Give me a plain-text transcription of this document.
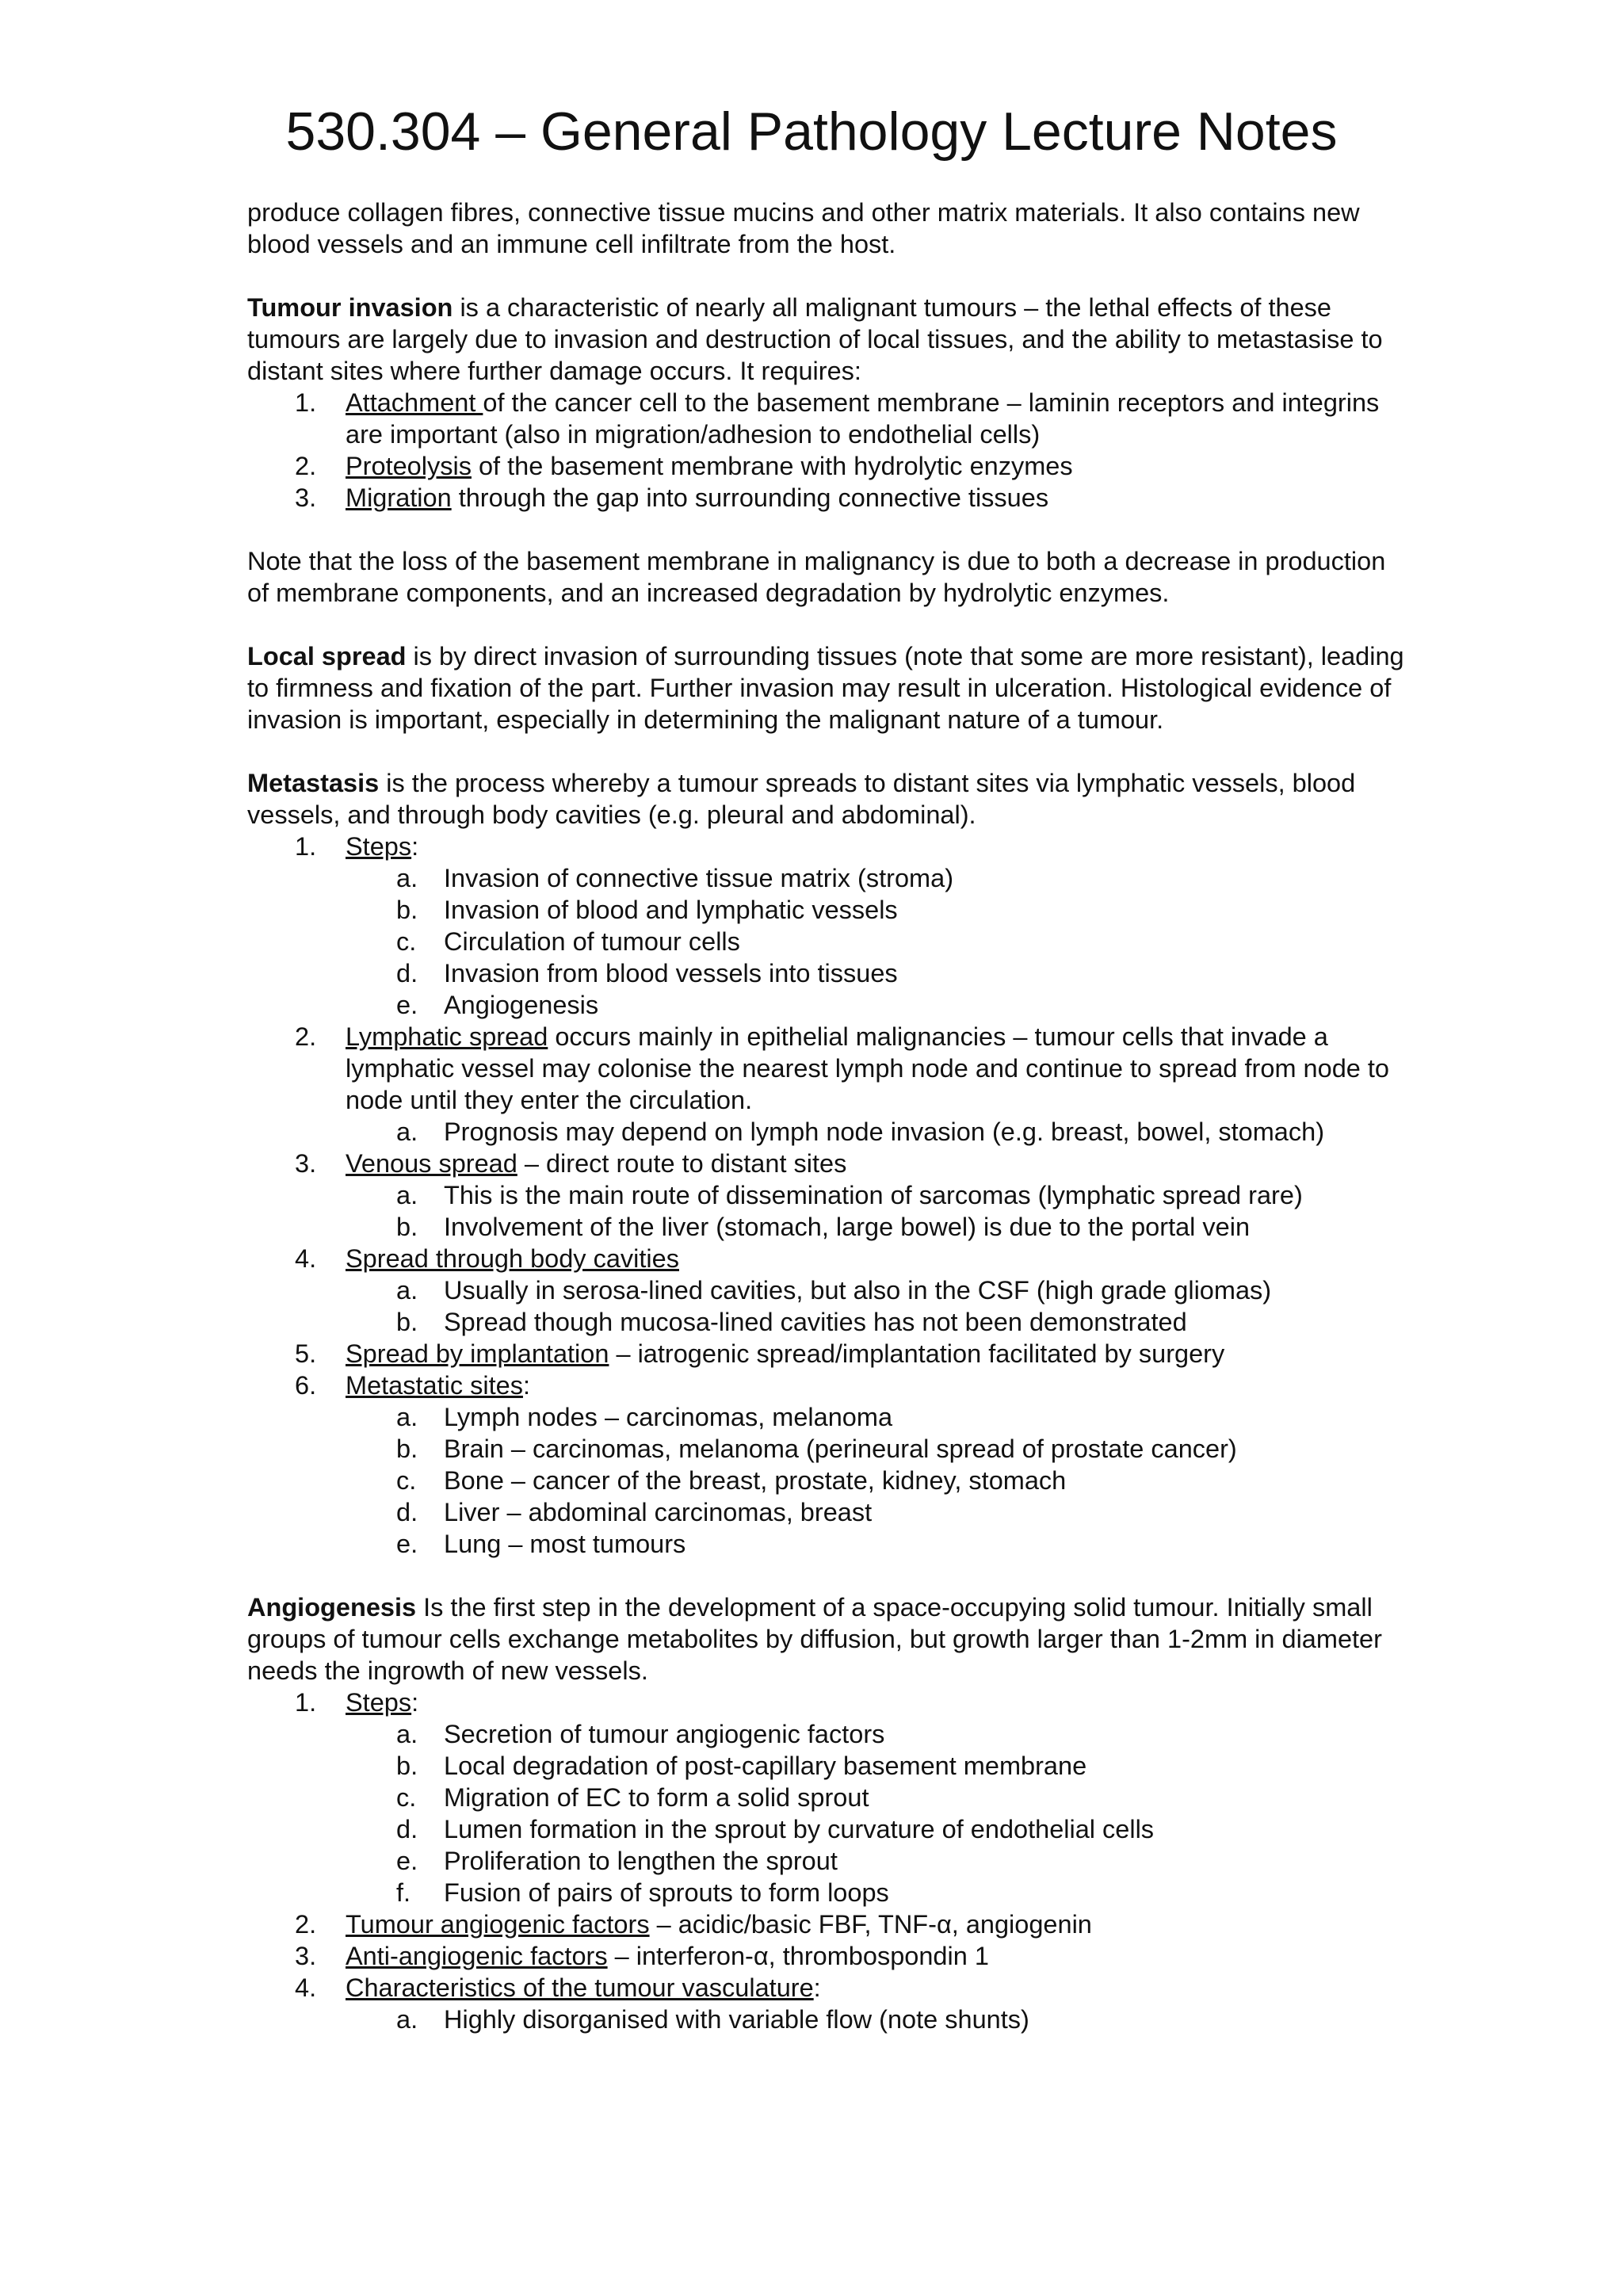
530.304 – General Pathology Lecture Notes

produce collagen fibres, connective tissue mucins and other matrix materials. It also contains new blood vessels and an immune cell infiltrate from the host.

Tumour invasion is a characteristic of nearly all malignant tumours – the lethal effects of these tumours are largely due to invasion and destruction of local tissues, and the ability to metastasise to distant sites where further damage occurs. It requires:

1. Attachment of the cancer cell to the basement membrane – laminin receptors and integrins are important (also in migration/adhesion to endothelial cells)
2. Proteolysis of the basement membrane with hydrolytic enzymes
3. Migration through the gap into surrounding connective tissues

Note that the loss of the basement membrane in malignancy is due to both a decrease in production of membrane components, and an increased degradation by hydrolytic enzymes.

Local spread is by direct invasion of surrounding tissues (note that some are more resistant), leading to firmness and fixation of the part. Further invasion may result in ulceration. Histological evidence of invasion is important, especially in determining the malignant nature of a tumour.

Metastasis is the process whereby a tumour spreads to distant sites via lymphatic vessels, blood vessels, and through body cavities (e.g. pleural and abdominal).

1. Steps:
a. Invasion of connective tissue matrix (stroma)
b. Invasion of blood and lymphatic vessels
c. Circulation of tumour cells
d. Invasion from blood vessels into tissues
e. Angiogenesis
2. Lymphatic spread occurs mainly in epithelial malignancies – tumour cells that invade a lymphatic vessel may colonise the nearest lymph node and continue to spread from node to node until they enter the circulation.
a. Prognosis may depend on lymph node invasion (e.g. breast, bowel, stomach)
3. Venous spread – direct route to distant sites
a. This is the main route of dissemination of sarcomas (lymphatic spread rare)
b. Involvement of the liver (stomach, large bowel) is due to the portal vein
4. Spread through body cavities
a. Usually in serosa-lined cavities, but also in the CSF (high grade gliomas)
b. Spread though mucosa-lined cavities has not been demonstrated
5. Spread by implantation – iatrogenic spread/implantation facilitated by surgery
6. Metastatic sites:
a. Lymph nodes – carcinomas, melanoma
b. Brain – carcinomas, melanoma (perineural spread of prostate cancer)
c. Bone – cancer of the breast, prostate, kidney, stomach
d. Liver – abdominal carcinomas, breast
e. Lung – most tumours

Angiogenesis Is the first step in the development of a space-occupying solid tumour. Initially small groups of tumour cells exchange metabolites by diffusion, but growth larger than 1-2mm in diameter needs the ingrowth of new vessels.

1. Steps:
a. Secretion of tumour angiogenic factors
b. Local degradation of post-capillary basement membrane
c. Migration of EC to form a solid sprout
d. Lumen formation in the sprout by curvature of endothelial cells
e. Proliferation to lengthen the sprout
f. Fusion of pairs of sprouts to form loops
2. Tumour angiogenic factors – acidic/basic FBF, TNF-α, angiogenin
3. Anti-angiogenic factors – interferon-α, thrombospondin 1
4. Characteristics of the tumour vasculature:
a. Highly disorganised with variable flow (note shunts)
